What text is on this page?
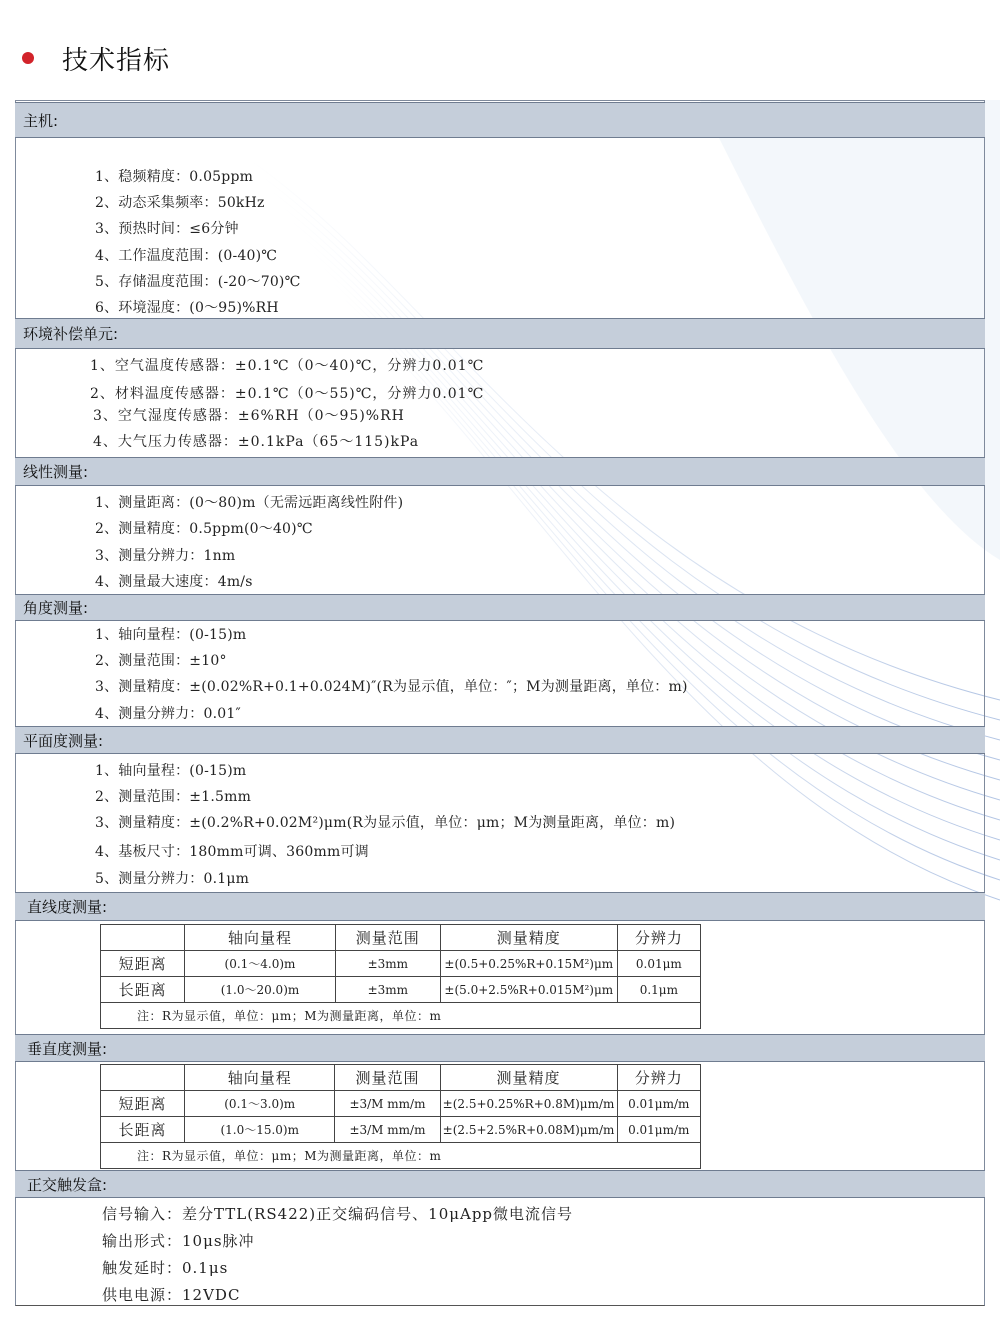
技术指标
主机:
1、稳频精度：0.05ppm
2、动态采集频率：50kHz
3、预热时间：≤6分钟
4、工作温度范围：(0-40)℃
5、存储温度范围：(-20～70)℃
6、环境湿度：(0～95)%RH
环境补偿单元:
1、空气温度传感器：±0.1℃（0～40)℃，分辨力0.01℃
2、材料温度传感器：±0.1℃（0～55)℃，分辨力0.01℃
3、空气湿度传感器：±6%RH（0～95)%RH
4、大气压力传感器：±0.1kPa（65～115)kPa
线性测量:
1、测量距离：(0～80)m（无需远距离线性附件)
2、测量精度：0.5ppm(0～40)℃
3、测量分辨力：1nm
4、测量最大速度：4m/s
角度测量:
1、轴向量程：(0-15)m
2、测量范围：±10°
3、测量精度：±(0.02%R+0.1+0.024M)″(R为显示值，单位：″；M为测量距离，单位：m)
4、测量分辨力：0.01″
平面度测量:
1、轴向量程：(0-15)m
2、测量范围：±1.5mm
3、测量精度：±(0.2%R+0.02M²)μm(R为显示值，单位：μm；M为测量距离，单位：m)
4、基板尺寸：180mm可调、360mm可调
5、测量分辨力：0.1μm
直线度测量:
	轴向量程	测量范围	测量精度	分辨力
短距离	(0.1～4.0)m	±3mm	±(0.5+0.25%R+0.15M²)μm	0.01μm
长距离	(1.0～20.0)m	±3mm	±(5.0+2.5%R+0.015M²)μm	0.1μm
注：R为显示值，单位：μm；M为测量距离，单位：m				
垂直度测量:
	轴向量程	测量范围	测量精度	分辨力
短距离	(0.1～3.0)m	±3/M mm/m	±(2.5+0.25%R+0.8M)μm/m	0.01μm/m
长距离	(1.0～15.0)m	±3/M mm/m	±(2.5+2.5%R+0.08M)μm/m	0.01μm/m
注：R为显示值，单位：μm；M为测量距离，单位：m				
正交触发盒:
信号输入：差分TTL(RS422)正交编码信号、10μApp微电流信号
输出形式：10μs脉冲
触发延时：0.1μs
供电电源：12VDC
